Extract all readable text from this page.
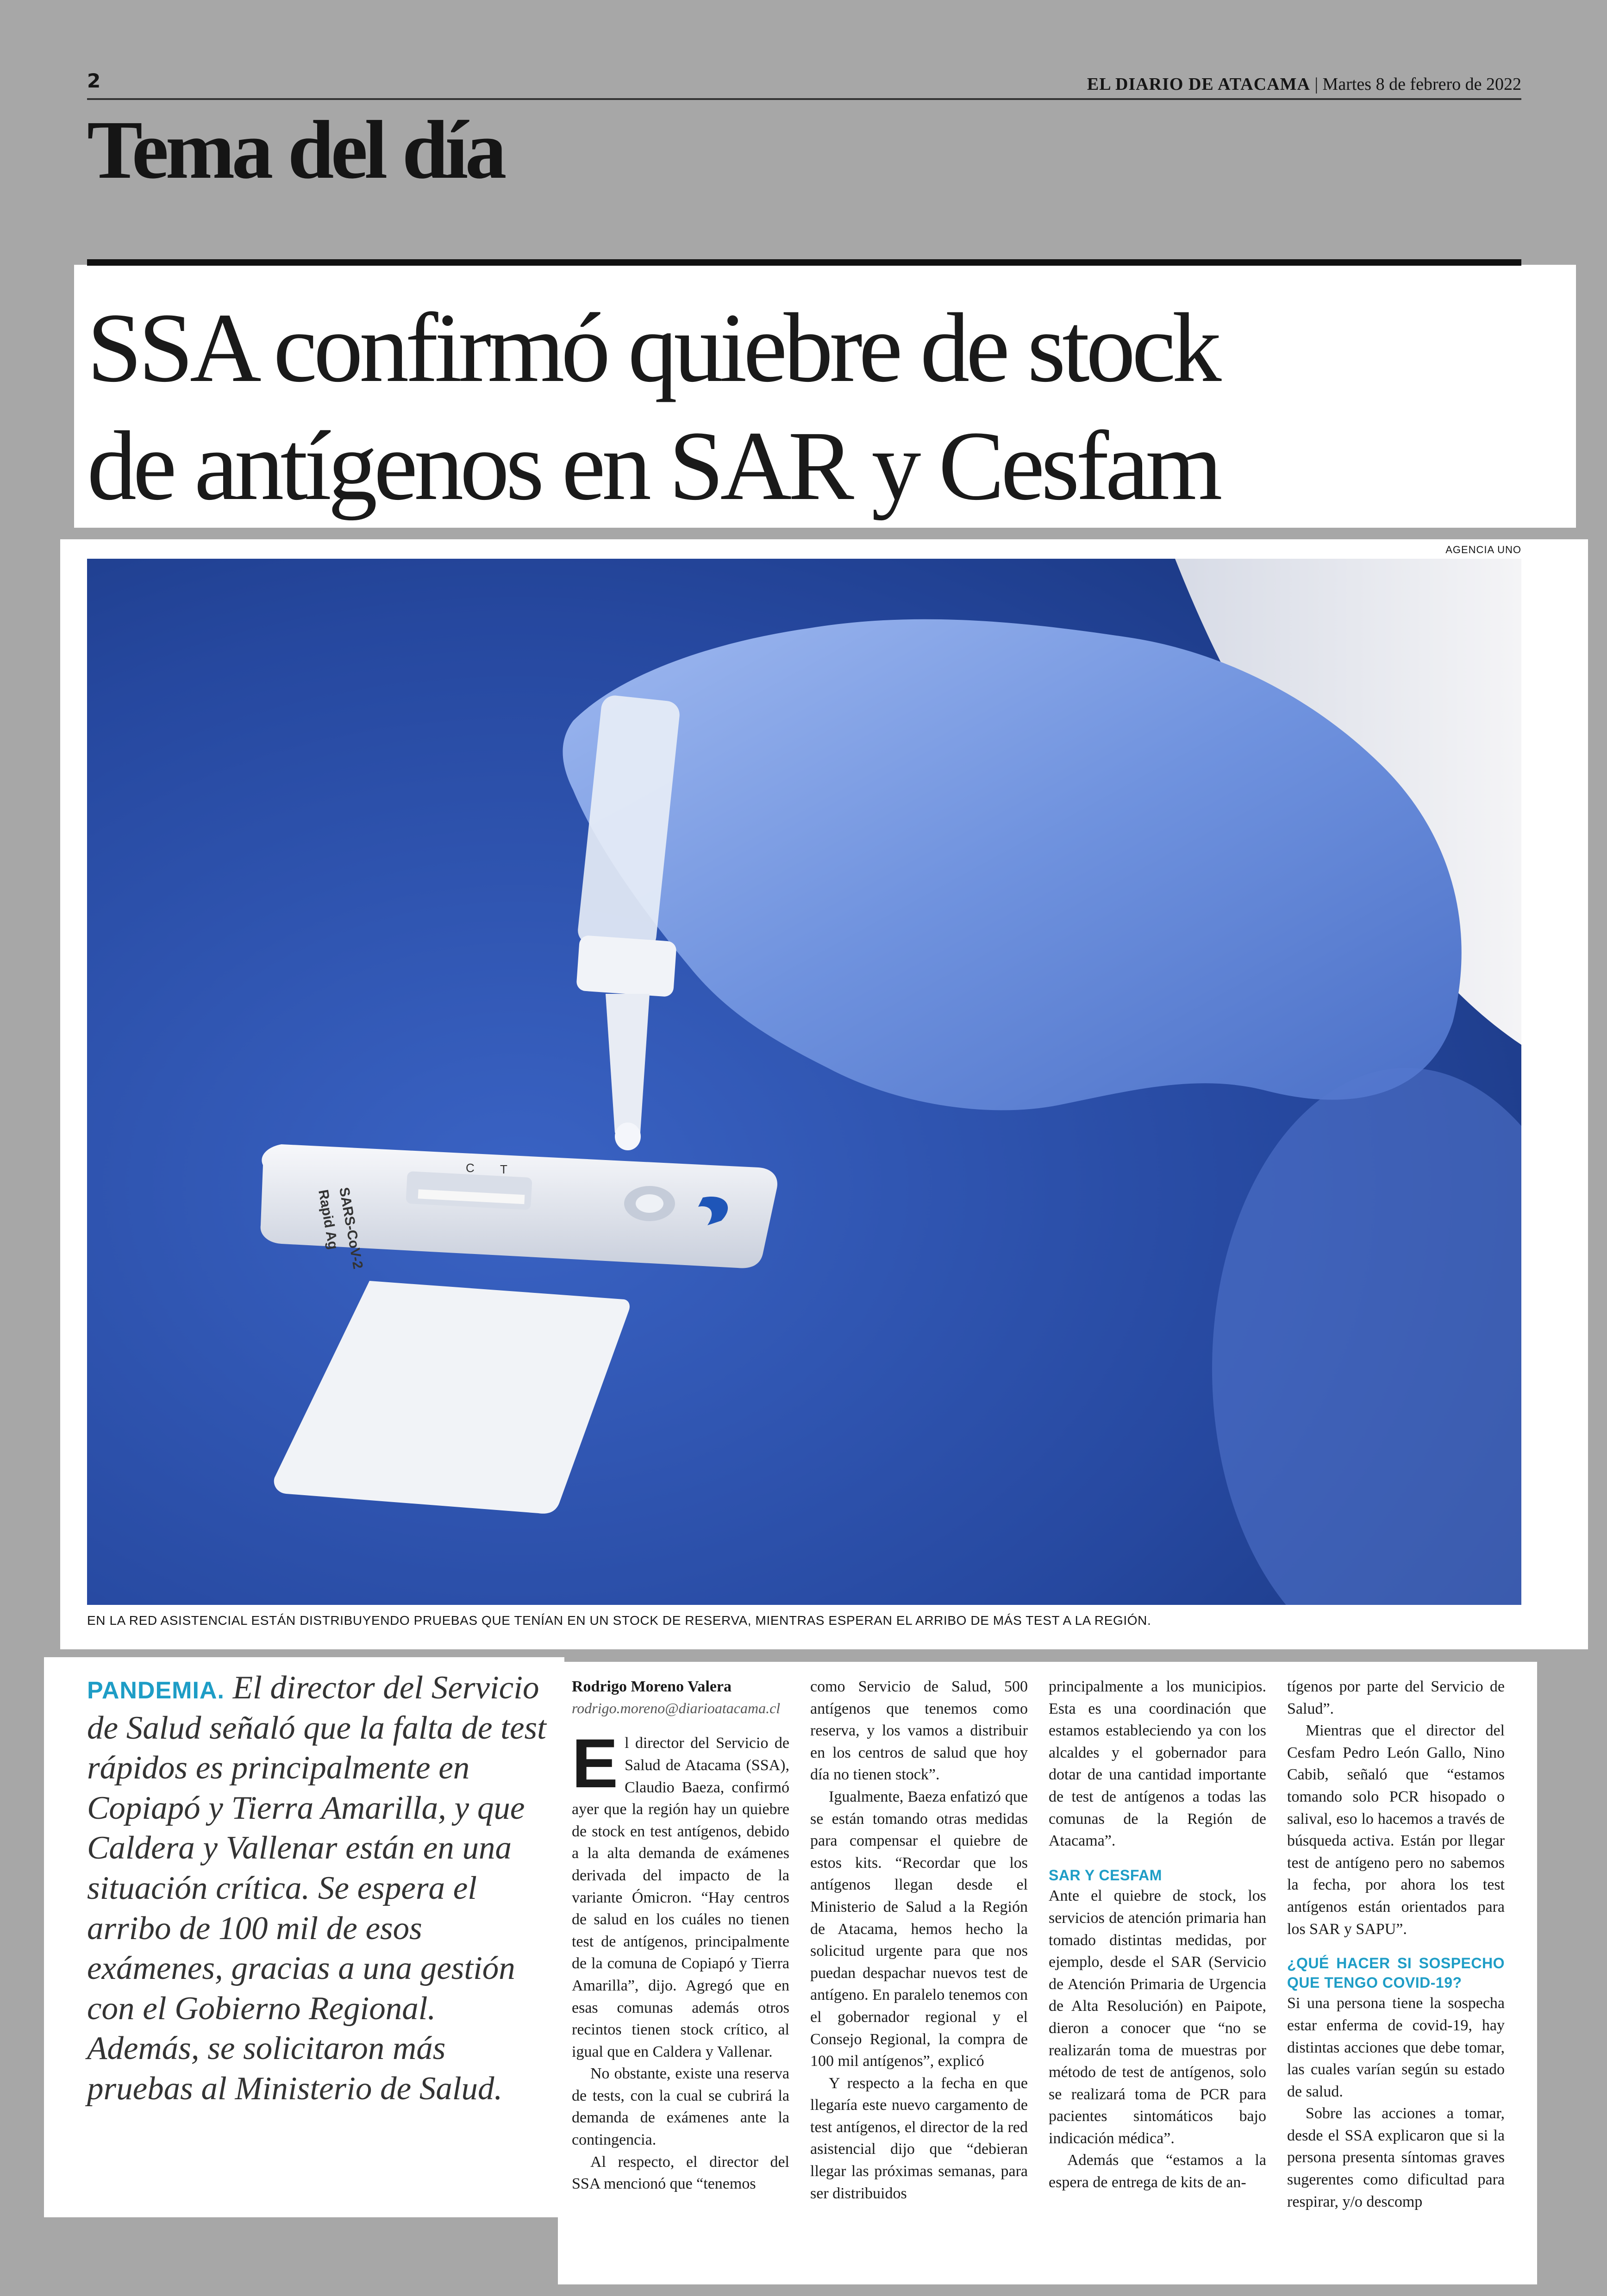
2	EL DIARIO DE ATACAMA | Martes 8 de febrero de 2022
Tema del día
SSA confirmó quiebre de stock
de antígenos en SAR y Cesfam
AGENCIA UNO
SARS-CoV-2
Rapid Ag
C T
EN LA RED ASISTENCIAL ESTÁN DISTRIBUYENDO PRUEBAS QUE TENÍAN EN UN STOCK DE RESERVA, MIENTRAS ESPERAN EL ARRIBO DE MÁS TEST A LA REGIÓN.
PANDEMIA. El director del Servicio de Salud señaló que la falta de test rápidos es principalmente en Copiapó y Tierra Amarilla, y que Caldera y Vallenar están en una situación crítica. Se espera el arribo de 100 mil de esos exámenes, gracias a una gestión con el Gobierno Regional. Además, se solicitaron más pruebas al Ministerio de Salud.

Rodrigo Moreno Valera

rodrigo.moreno@diarioatacama.cl

El director del Servicio de Salud de Atacama (SSA), Claudio Baeza, confirmó ayer que la región hay un quiebre de stock en test antígenos, debido a la alta demanda de exámenes derivada del impacto de la variante Ómicron. “Hay centros de salud en los cuáles no tienen test de antígenos, principalmente de la comuna de Copiapó y Tierra Amarilla”, dijo. Agregó que en esas comunas además otros recintos tienen stock crítico, al igual que en Caldera y Vallenar.

No obstante, existe una reserva de tests, con la cual se cubrirá la demanda de exámenes ante la contingencia.

Al respecto, el director del SSA mencionó que “tenemos

como Servicio de Salud, 500 antígenos que tenemos como reserva, y los vamos a distribuir en los centros de salud que hoy día no tienen stock”.

Igualmente, Baeza enfatizó que se están tomando otras medidas para compensar el quiebre de estos kits. “Recordar que los antígenos llegan desde el Ministerio de Salud a la Región de Atacama, hemos hecho la solicitud urgente para que nos puedan despachar nuevos test de antígeno. En paralelo tenemos con el gobernador regional y el Consejo Regional, la compra de 100 mil antígenos”, explicó

Y respecto a la fecha en que llegaría este nuevo cargamento de test antígenos, el director de la red asistencial dijo que “debieran llegar las próximas semanas, para ser distribuidos

principalmente a los municipios. Esta es una coordinación que estamos estableciendo ya con los alcaldes y el gobernador para dotar de una cantidad importante de test de antígenos a todas las comunas de la Región de Atacama”.

SAR Y CESFAM

Ante el quiebre de stock, los servicios de atención primaria han tomado distintas medidas, por ejemplo, desde el SAR (Servicio de Atención Primaria de Urgencia de Alta Resolución) en Paipote, dieron a conocer que “no se realizarán toma de muestras por método de test de antígenos, solo se realizará toma de PCR para pacientes sintomáticos bajo indicación médica”.

Además que “estamos a la espera de entrega de kits de an-

tígenos por parte del Servicio de Salud”.

Mientras que el director del Cesfam Pedro León Gallo, Nino Cabib, señaló que “estamos tomando solo PCR hisopado o salival, eso lo hacemos a través de búsqueda activa. Están por llegar test de antígeno pero no sabemos la fecha, por ahora los test antígenos están orientados para los SAR y SAPU”.

¿QUÉ HACER SI SOSPECHO QUE TENGO COVID-19?

Si una persona tiene la sospecha estar enferma de covid-19, hay distintas acciones que debe tomar, las cuales varían según su estado de salud.

Sobre las acciones a tomar, desde el SSA explicaron que si la persona presenta síntomas graves sugerentes como dificultad para respirar, y/o descomp
